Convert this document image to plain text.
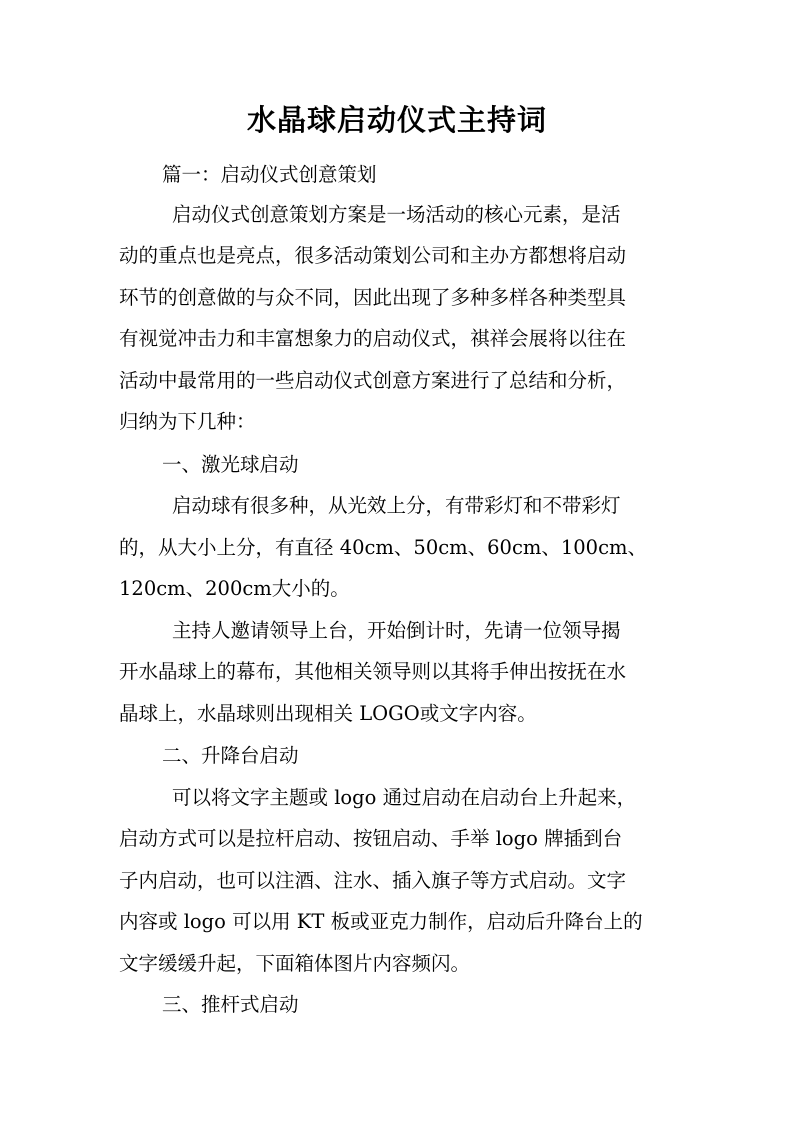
水晶球启动仪式主持词

篇一：启动仪式创意策划

启动仪式创意策划方案是一场活动的核心元素，是活

动的重点也是亮点，很多活动策划公司和主办方都想将启动

环节的创意做的与众不同，因此出现了多种多样各种类型具

有视觉冲击力和丰富想象力的启动仪式，祺祥会展将以往在

活动中最常用的一些启动仪式创意方案进行了总结和分析，

归纳为下几种：

一、激光球启动

启动球有很多种，从光效上分，有带彩灯和不带彩灯

的，从大小上分，有直径 40cm、50cm、60cm、100cm、

120cm、200cm大小的。

主持人邀请领导上台，开始倒计时，先请一位领导揭

开水晶球上的幕布，其他相关领导则以其将手伸出按抚在水

晶球上，水晶球则出现相关 LOGO或文字内容。

二、升降台启动

可以将文字主题或 logo 通过启动在启动台上升起来，

启动方式可以是拉杆启动、按钮启动、手举 logo 牌插到台

子内启动，也可以注酒、注水、插入旗子等方式启动。文字

内容或 logo 可以用 KT 板或亚克力制作，启动后升降台上的

文字缓缓升起，下面箱体图片内容频闪。

三、推杆式启动
